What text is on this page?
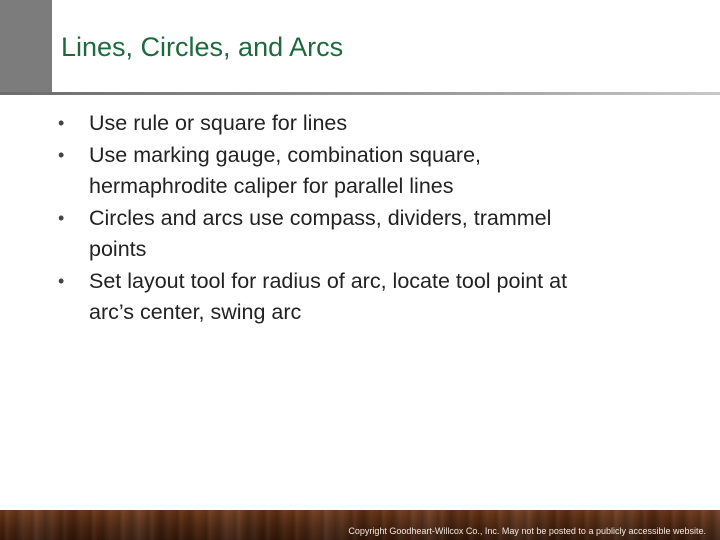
Lines, Circles, and Arcs
•	Use rule or square for lines
•	Use marking gauge, combination square,
hermaphrodite caliper for parallel lines
•	Circles and arcs use compass, dividers, trammel
points
•	Set layout tool for radius of arc, locate tool point at
arc’s center, swing arc
Copyright Goodheart-Willcox Co., Inc. May not be posted to a publicly accessible website.
